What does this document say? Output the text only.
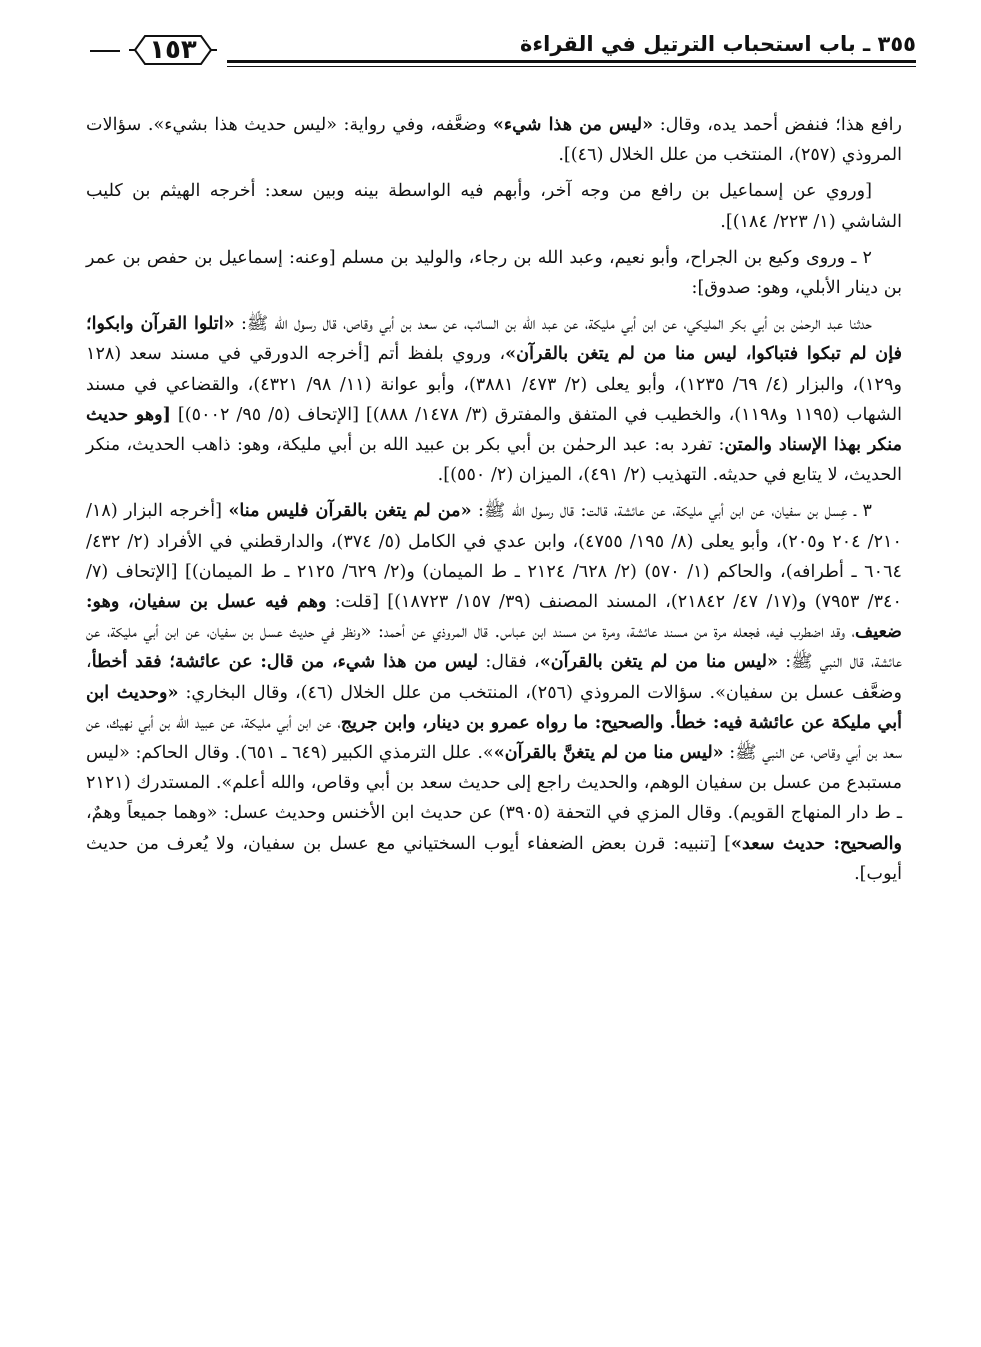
٣٥٥ ـ باب استحباب الترتيل في القراءة
١٥٣

رافع هذا؛ فنفض أحمد يده، وقال: «ليس من هذا شيء» وضعَّفه، وفي رواية: «ليس حديث هذا بشيء». سؤالات المروذي (٢٥٧)، المنتخب من علل الخلال (٤٦)].

[وروي عن إسماعيل بن رافع من وجه آخر، وأبهم فيه الواسطة بينه وبين سعد: أخرجه الهيثم بن كليب الشاشي (١/ ٢٢٣/ ١٨٤)].

٢ ـ وروى وكيع بن الجراح، وأبو نعيم، وعبد الله بن رجاء، والوليد بن مسلم [وعنه: إسماعيل بن حفص بن عمر بن دينار الأبلي، وهو: صدوق]:

حدثنا عبد الرحمٰن بن أبي بكر المليكي، عن ابن أبي مليكة، عن عبد الله بن السائب، عن سعد بن أبي وقاص، قال رسول الله ﷺ: «اتلوا القرآن وابكوا؛ فإن لم تبكوا فتباكوا، ليس منا من لم يتغن بالقرآن»، وروي بلفظ أتم [أخرجه الدورقي في مسند سعد (١٢٨ و١٢٩)، والبزار (٤/ ٦٩/ ١٢٣٥)، وأبو يعلى (٢/ ٤٧٣/ ٣٨٨١)، وأبو عوانة (١١/ ٩٨/ ٤٣٢١)، والقضاعي في مسند الشهاب (١١٩٥ و١١٩٨)، والخطيب في المتفق والمفترق (٣/ ١٤٧٨/ ٨٨٨)] [الإتحاف (٥/ ٩٥/ ٥٠٠٢)] [وهو حديث منكر بهذا الإسناد والمتن: تفرد به: عبد الرحمٰن بن أبي بكر بن عبيد الله بن أبي مليكة، وهو: ذاهب الحديث، منكر الحديث، لا يتابع في حديثه. التهذيب (٢/ ٤٩١)، الميزان (٢/ ٥٥٠)].

٣ ـ عِسل بن سفيان، عن ابن أبي مليكة، عن عائشة، قالت: قال رسول الله ﷺ: «من لم يتغن بالقرآن فليس منا» [أخرجه البزار (١٨/ ٢١٠/ ٢٠٤ و٢٠٥)، وأبو يعلى (٨/ ١٩٥/ ٤٧٥٥)، وابن عدي في الكامل (٥/ ٣٧٤)، والدارقطني في الأفراد (٢/ ٤٣٢/ ٦٠٦٤ ـ أطرافه)، والحاكم (١/ ٥٧٠) (٢/ ٦٢٨/ ٢١٢٤ ـ ط الميمان) و(٢/ ٦٢٩/ ٢١٢٥ ـ ط الميمان)] [الإتحاف (٧/ ٣٤٠/ ٧٩٥٣) و(١٧/ ٤٧/ ٢١٨٤٢)، المسند المصنف (٣٩/ ١٥٧/ ١٨٧٢٣)] [قلت: وهم فيه عسل بن سفيان، وهو: ضعيف، وقد اضطرب فيه، فجعله مرة من مسند عائشة، ومرة من مسند ابن عباس. قال المروذي عن أحمد: «ونظر في حديث عسل بن سفيان، عن ابن أبي مليكة، عن عائشة، قال النبي ﷺ: «ليس منا من لم يتغن بالقرآن»، فقال: ليس من هذا شيء، من قال: عن عائشة؛ فقد أخطأ، وضعَّف عسل بن سفيان». سؤالات المروذي (٢٥٦)، المنتخب من علل الخلال (٤٦)، وقال البخاري: «وحديث ابن أبي مليكة عن عائشة فيه: خطأ. والصحيح: ما رواه عمرو بن دينار، وابن جريج، عن ابن أبي مليكة، عن عبيد الله بن أبي نهيك، عن سعد بن أبي وقاص، عن النبي ﷺ: «ليس منا من لم يتغنَّ بالقرآن»». علل الترمذي الكبير (٦٤٩ ـ ٦٥١). وقال الحاكم: «ليس مستبدع من عسل بن سفيان الوهم، والحديث راجع إلى حديث سعد بن أبي وقاص، والله أعلم». المستدرك (٢١٢١ ـ ط دار المنهاج القويم). وقال المزي في التحفة (٣٩٠٥) عن حديث ابن الأخنس وحديث عسل: «وهما جميعاً وهمٌ، والصحيح: حديث سعد»] [تنبيه: قرن بعض الضعفاء أيوب السختياني مع عسل بن سفيان، ولا يُعرف من حديث أيوب].
